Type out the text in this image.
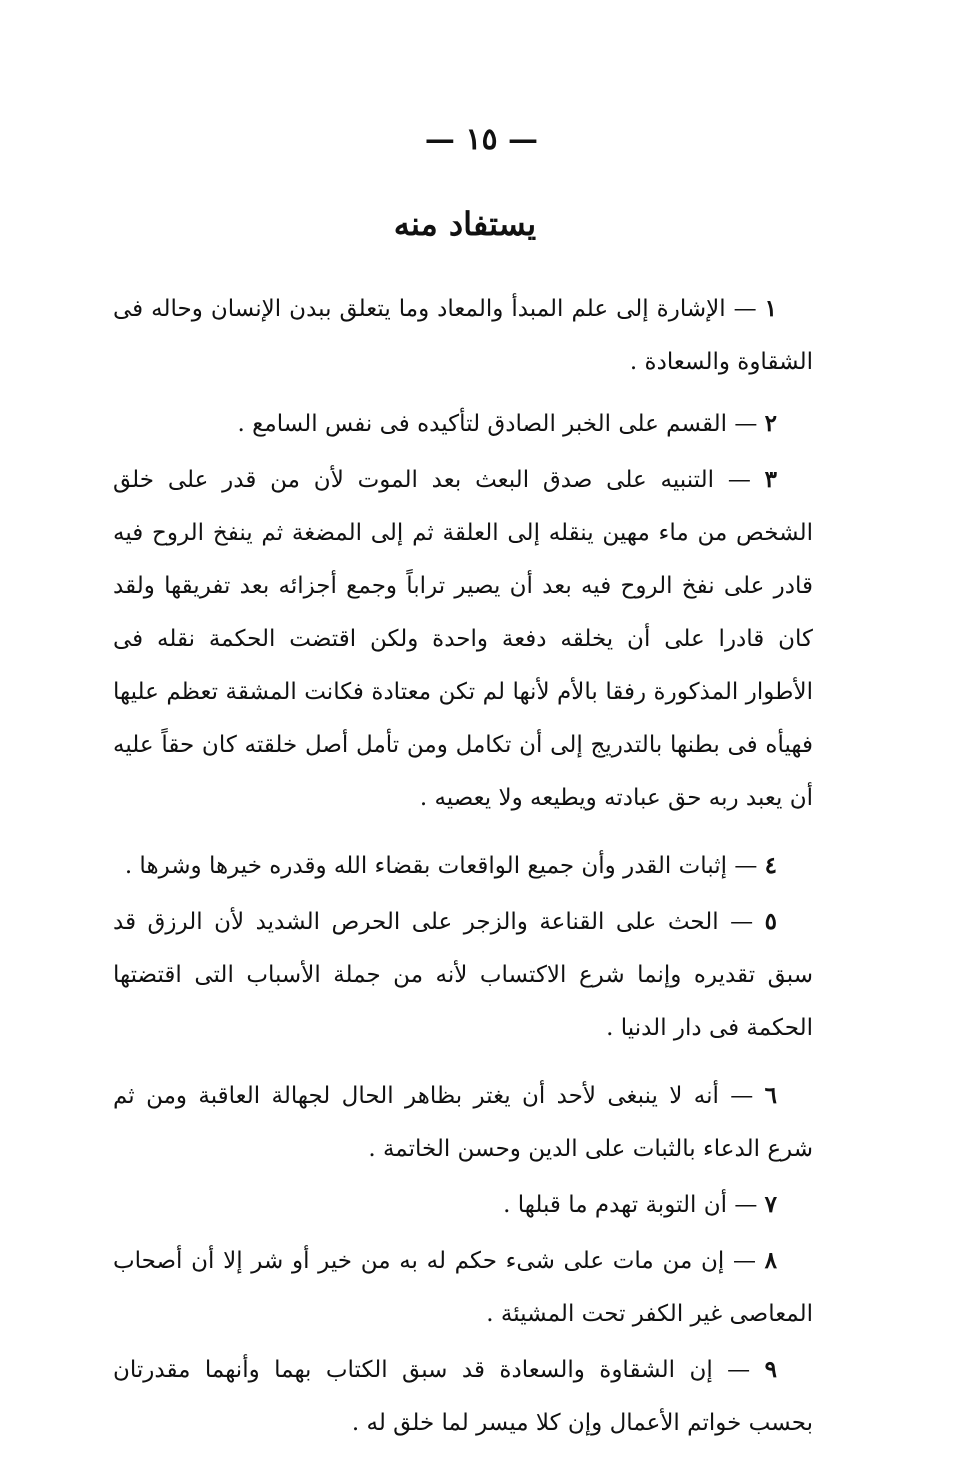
— ١٥ —
يستفاد منه

١ — الإشارة إلى علم المبدأ والمعاد وما يتعلق ببدن الإنسان وحاله فى الشقاوة والسعادة .

٢ — القسم على الخبر الصادق لتأكيده فى نفس السامع .

٣ — التنبيه على صدق البعث بعد الموت لأن من قدر على خلق الشخص من ماء مهين ينقله إلى العلقة ثم إلى المضغة ثم ينفخ الروح فيه قادر على نفخ الروح فيه بعد أن يصير تراباً وجمع أجزائه بعد تفريقها ولقد كان قادرا على أن يخلقه دفعة واحدة ولكن اقتضت الحكمة نقله فى الأطوار المذكورة رفقا بالأم لأنها لم تكن معتادة فكانت المشقة تعظم عليها فهيأه فى بطنها بالتدريج إلى أن تكامل ومن تأمل أصل خلقته كان حقاً عليه أن يعبد ربه حق عبادته ويطيعه ولا يعصيه .

٤ — إثبات القدر وأن جميع الواقعات بقضاء الله وقدره خيرها وشرها .

٥ — الحث على القناعة والزجر على الحرص الشديد لأن الرزق قد سبق تقديره وإنما شرع الاكتساب لأنه من جملة الأسباب التى اقتضتها الحكمة فى دار الدنيا .

٦ — أنه لا ينبغى لأحد أن يغتر بظاهر الحال لجهالة العاقبة ومن ثم شرع الدعاء بالثبات على الدين وحسن الخاتمة .

٧ — أن التوبة تهدم ما قبلها .

٨ — إن من مات على شىء حكم له به من خير أو شر إلا أن أصحاب المعاصى غير الكفر تحت المشيئة .

٩ — إن الشقاوة والسعادة قد سبق الكتاب بهما وأنهما مقدرتان بحسب خواتم الأعمال وإن كلا ميسر لما خلق له .
